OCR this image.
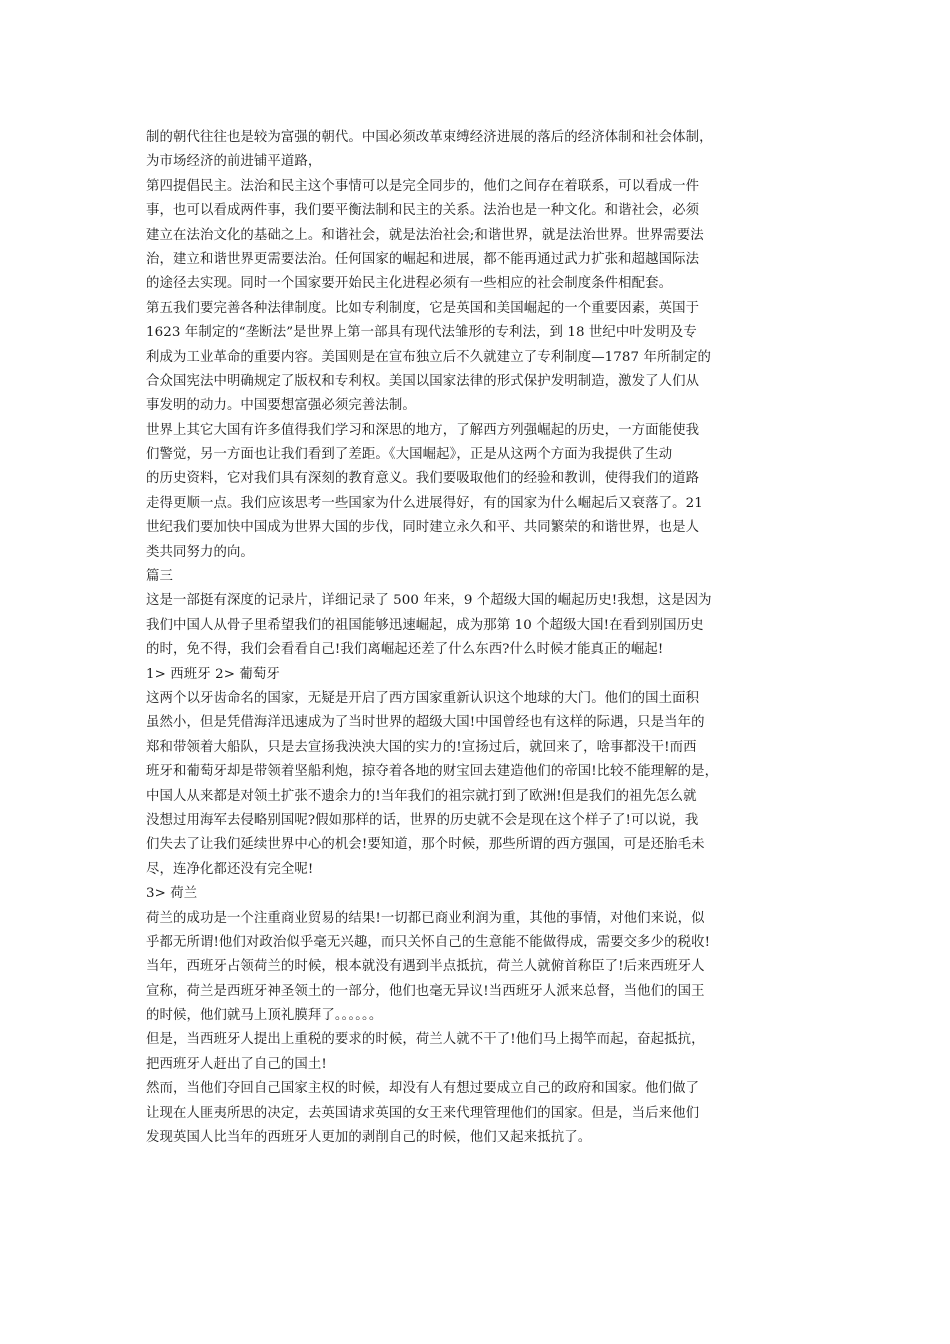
制的朝代往往也是较为富强的朝代。中国必须改革束缚经济进展的落后的经济体制和社会体制，
为市场经济的前进铺平道路，
第四提倡民主。法治和民主这个事情可以是完全同步的，他们之间存在着联系，可以看成一件
事，也可以看成两件事，我们要平衡法制和民主的关系。法治也是一种文化。和谐社会，必须
建立在法治文化的基础之上。和谐社会，就是法治社会;和谐世界，就是法治世界。世界需要法
治，建立和谐世界更需要法治。任何国家的崛起和进展，都不能再通过武力扩张和超越国际法
的途径去实现。同时一个国家要开始民主化进程必须有一些相应的社会制度条件相配套。
第五我们要完善各种法律制度。比如专利制度，它是英国和美国崛起的一个重要因素，英国于
1623 年制定的“垄断法”是世界上第一部具有现代法雏形的专利法，到 18 世纪中叶发明及专
利成为工业革命的重要内容。美国则是在宣布独立后不久就建立了专利制度—1787 年所制定的
合众国宪法中明确规定了版权和专利权。美国以国家法律的形式保护发明制造，激发了人们从
事发明的动力。中国要想富强必须完善法制。
世界上其它大国有许多值得我们学习和深思的地方，了解西方列强崛起的历史，一方面能使我
们警觉，另一方面也让我们看到了差距。《大国崛起》，正是从这两个方面为我提供了生动
的历史资料，它对我们具有深刻的教育意义。我们要吸取他们的经验和教训，使得我们的道路
走得更顺一点。我们应该思考一些国家为什么进展得好，有的国家为什么崛起后又衰落了。21
世纪我们要加快中国成为世界大国的步伐，同时建立永久和平、共同繁荣的和谐世界，也是人
类共同努力的向。
篇三
这是一部挺有深度的记录片，详细记录了 500 年来，9 个超级大国的崛起历史!我想，这是因为
我们中国人从骨子里希望我们的祖国能够迅速崛起，成为那第 10 个超级大国!在看到别国历史
的时，免不得，我们会看看自己!我们离崛起还差了什么东西?什么时候才能真正的崛起!
1> 西班牙 2> 葡萄牙
这两个以牙齿命名的国家，无疑是开启了西方国家重新认识这个地球的大门。他们的国土面积
虽然小，但是凭借海洋迅速成为了当时世界的超级大国!中国曾经也有这样的际遇，只是当年的
郑和带领着大船队，只是去宣扬我泱泱大国的实力的!宣扬过后，就回来了，啥事都没干!而西
班牙和葡萄牙却是带领着坚船利炮，掠夺着各地的财宝回去建造他们的帝国!比较不能理解的是，
中国人从来都是对领土扩张不遗余力的!当年我们的祖宗就打到了欧洲!但是我们的祖先怎么就
没想过用海军去侵略别国呢?假如那样的话，世界的历史就不会是现在这个样子了!可以说，我
们失去了让我们延续世界中心的机会!要知道，那个时候，那些所谓的西方强国，可是还胎毛未
尽，连净化都还没有完全呢!
3> 荷兰
荷兰的成功是一个注重商业贸易的结果!一切都已商业利润为重，其他的事情，对他们来说，似
乎都无所谓!他们对政治似乎毫无兴趣，而只关怀自己的生意能不能做得成，需要交多少的税收!
当年，西班牙占领荷兰的时候，根本就没有遇到半点抵抗，荷兰人就俯首称臣了!后来西班牙人
宣称，荷兰是西班牙神圣领土的一部分，他们也毫无异议!当西班牙人派来总督，当他们的国王
的时候，他们就马上顶礼膜拜了。。。。。。
但是，当西班牙人提出上重税的要求的时候，荷兰人就不干了!他们马上揭竿而起，奋起抵抗，
把西班牙人赶出了自己的国土!
然而，当他们夺回自己国家主权的时候，却没有人有想过要成立自己的政府和国家。他们做了
让现在人匪夷所思的决定，去英国请求英国的女王来代理管理他们的国家。但是，当后来他们
发现英国人比当年的西班牙人更加的剥削自己的时候，他们又起来抵抗了。
